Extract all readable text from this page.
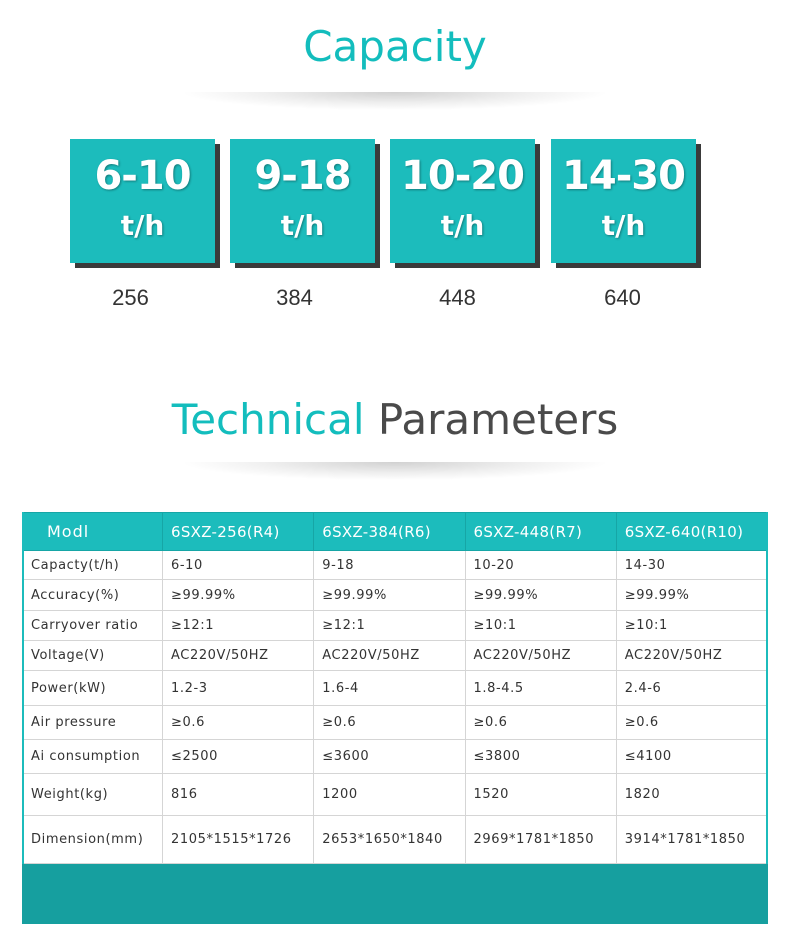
Capacity
6-10
t/h
256
9-18
t/h
384
10-20
t/h
448
14-30
t/h
640
Technical Parameters
Modl	6SXZ-256(R4)	6SXZ-384(R6)	6SXZ-448(R7)	6SXZ-640(R10)
Capacty(t/h)	6-10	9-18	10-20	14-30
Accuracy(%)	≥99.99%	≥99.99%	≥99.99%	≥99.99%
Carryover ratio	≥12:1	≥12:1	≥10:1	≥10:1
Voltage(V)	AC220V/50HZ	AC220V/50HZ	AC220V/50HZ	AC220V/50HZ
Power(kW)	1.2-3	1.6-4	1.8-4.5	2.4-6
Air pressure	≥0.6	≥0.6	≥0.6	≥0.6
Ai consumption	≤2500	≤3600	≤3800	≤4100
Weight(kg)	816	1200	1520	1820
Dimension(mm)	2105*1515*1726	2653*1650*1840	2969*1781*1850	3914*1781*1850
